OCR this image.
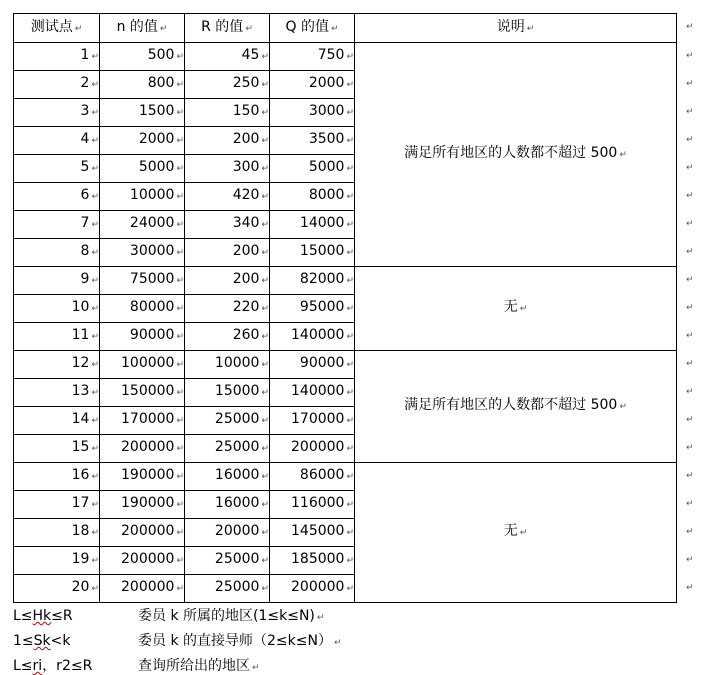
测试点 ↵	n 的值 ↵	R 的值 ↵	Q 的值 ↵	说明 ↵
1 ↵	500 ↵	45 ↵	750 ↵	满足所有地区的人数都不超过 500 ↵
2 ↵	800 ↵	250 ↵	2000 ↵	
3 ↵	1500 ↵	150 ↵	3000 ↵	
4 ↵	2000 ↵	200 ↵	3500 ↵	
5 ↵	5000 ↵	300 ↵	5000 ↵	
6 ↵	10000 ↵	420 ↵	8000 ↵	
7 ↵	24000 ↵	340 ↵	14000 ↵	
8 ↵	30000 ↵	200 ↵	15000 ↵	
9 ↵	75000 ↵	200 ↵	82000 ↵	无 ↵
10 ↵	80000 ↵	220 ↵	95000 ↵	
11 ↵	90000 ↵	260 ↵	140000 ↵	
12 ↵	100000 ↵	10000 ↵	90000 ↵	满足所有地区的人数都不超过 500 ↵
13 ↵	150000 ↵	15000 ↵	140000 ↵	
14 ↵	170000 ↵	25000 ↵	170000 ↵	
15 ↵	200000 ↵	25000 ↵	200000 ↵	
16 ↵	190000 ↵	16000 ↵	86000 ↵	无 ↵
17 ↵	190000 ↵	16000 ↵	116000 ↵	
18 ↵	200000 ↵	20000 ↵	145000 ↵	
19 ↵	200000 ↵	25000 ↵	185000 ↵	
20 ↵	200000 ↵	25000 ↵	200000 ↵	
↵
↵
↵
↵
↵
↵
↵
↵
↵
↵
↵
↵
↵
↵
↵
↵
↵
↵
↵
↵
↵
L≤Hk≤R	委员 k 所属的地区(1≤k≤N) ↵
1≤Sk<k	委员 k 的直接导师（2≤k≤N） ↵
L≤ri，r2≤R	查询所给出的地区 ↵
